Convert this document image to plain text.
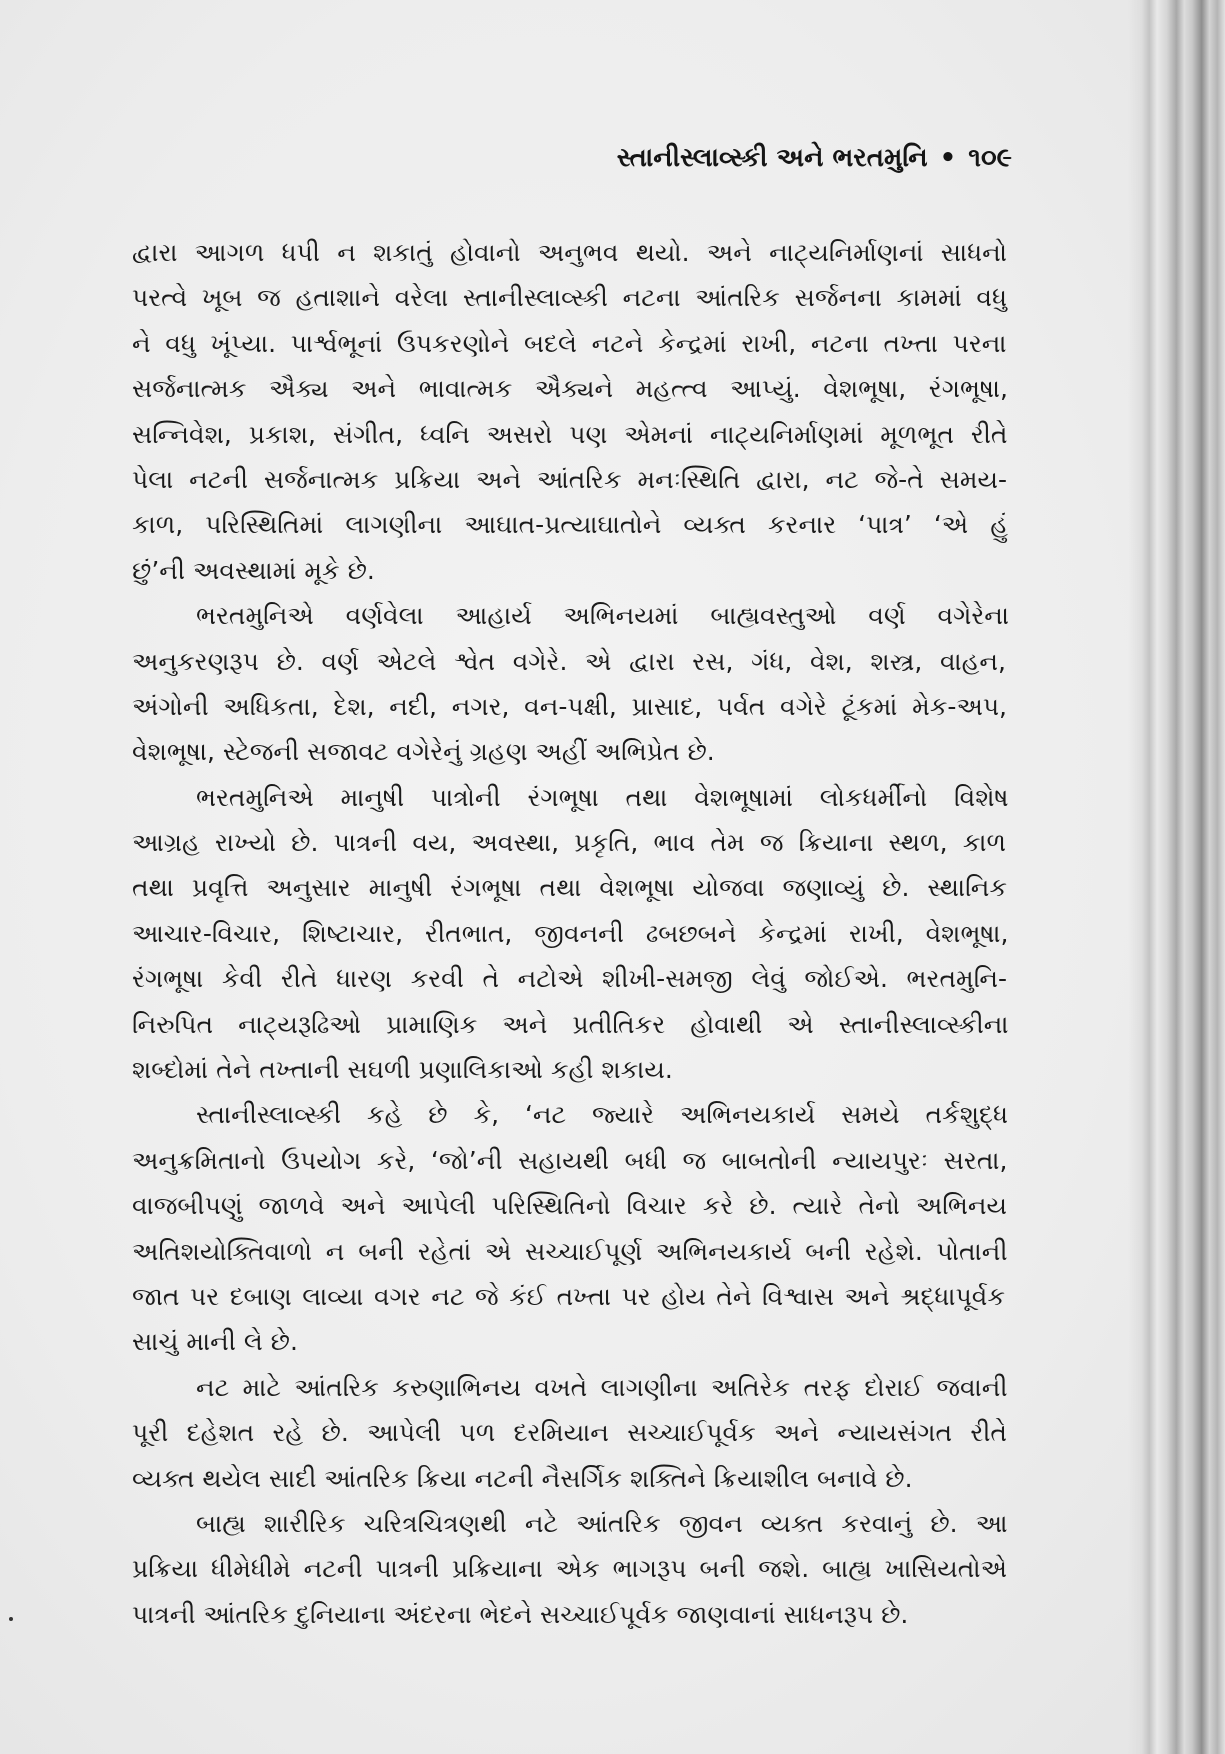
સ્તાનીસ્લાવ્સ્કી અને ભરતમુનિ • ૧૦૯
દ્વારા આગળ ધપી ન શકાતું હોવાનો અનુભવ થયો. અને નાટ્યનિર્માણનાં સાધનો
પરત્વે ખૂબ જ હતાશાને વરેલા સ્તાનીસ્લાવ્સ્કી નટના આંતરિક સર્જનના કામમાં વધુ
ને વધુ ખૂંપ્યા. પાર્શ્વભૂનાં ઉપકરણોને બદલે નટને કેન્દ્રમાં રાખી, નટના તખ્તા પરના
સર્જનાત્મક ઐક્ય અને ભાવાત્મક ઐક્યને મહત્ત્વ આપ્યું. વેશભૂષા, રંગભૂષા,
સન્નિવેશ, પ્રકાશ, સંગીત, ધ્વનિ અસરો પણ એમનાં નાટ્યનિર્માણમાં મૂળભૂત રીતે
પેલા નટની સર્જનાત્મક પ્રક્રિયા અને આંતરિક મનઃસ્થિતિ દ્વારા, નટ જે-તે સમય-
કાળ, પરિસ્થિતિમાં લાગણીના આઘાત-પ્રત્યાઘાતોને વ્યક્ત કરનાર ‘પાત્ર’ ‘એ હું
છું’ની અવસ્થામાં મૂકે છે.
ભરતમુનિએ વર્ણવેલા આહાર્ય અભિનયમાં બાહ્યવસ્તુઓ વર્ણ વગેરેના
અનુકરણરૂપ છે. વર્ણ એટલે શ્વેત વગેરે. એ દ્વારા રસ, ગંધ, વેશ, શસ્ત્ર, વાહન,
અંગોની અધિકતા, દેશ, નદી, નગર, વન-પક્ષી, પ્રાસાદ, પર્વત વગેરે ટૂંકમાં મેક-અપ,
વેશભૂષા, સ્ટેજની સજાવટ વગેરેનું ગ્રહણ અહીં અભિપ્રેત છે.
ભરતમુનિએ માનુષી પાત્રોની રંગભૂષા તથા વેશભૂષામાં લોકધર્મીનો વિશેષ
આગ્રહ રાખ્યો છે. પાત્રની વય, અવસ્થા, પ્રકૃતિ, ભાવ તેમ જ ક્રિયાના સ્થળ, કાળ
તથા પ્રવૃત્તિ અનુસાર માનુષી રંગભૂષા તથા વેશભૂષા યોજવા જણાવ્યું છે. સ્થાનિક
આચાર-વિચાર, શિષ્ટાચાર, રીતભાત, જીવનની ઢબછબને કેન્દ્રમાં રાખી, વેશભૂષા,
રંગભૂષા કેવી રીતે ધારણ કરવી તે નટોએ શીખી-સમજી લેવું જોઈએ. ભરતમુનિ-
નિરુપિત નાટ્યરૂઢિઓ પ્રામાણિક અને પ્રતીતિકર હોવાથી એ સ્તાનીસ્લાવ્સ્કીના
શબ્દોમાં તેને તખ્તાની સઘળી પ્રણાલિકાઓ કહી શકાય.
સ્તાનીસ્લાવ્સ્કી કહે છે કે, ‘નટ જ્યારે અભિનયકાર્ય સમયે તર્કશુદ્ધ
અનુક્રમિતાનો ઉપયોગ કરે, ‘જો’ની સહાયથી બધી જ બાબતોની ન્યાયપુરઃ સરતા,
વાજબીપણું જાળવે અને આપેલી પરિસ્થિતિનો વિચાર કરે છે. ત્યારે તેનો અભિનય
અતિશયોક્તિવાળો ન બની રહેતાં એ સચ્ચાઈપૂર્ણ અભિનયકાર્ય બની રહેશે. પોતાની
જાત પર દબાણ લાવ્યા વગર નટ જે કંઈ તખ્તા પર હોય તેને વિશ્વાસ અને શ્રદ્ધાપૂર્વક
સાચું માની લે છે.
નટ માટે આંતરિક કરુણાભિનય વખતે લાગણીના અતિરેક તરફ દોરાઈ જવાની
પૂરી દહેશત રહે છે. આપેલી પળ દરમિયાન સચ્ચાઈપૂર્વક અને ન્યાયસંગત રીતે
વ્યક્ત થયેલ સાદી આંતરિક ક્રિયા નટની નૈસર્ગિક શક્તિને ક્રિયાશીલ બનાવે છે.
બાહ્ય શારીરિક ચરિત્રચિત્રણથી નટે આંતરિક જીવન વ્યક્ત કરવાનું છે. આ
પ્રક્રિયા ધીમેધીમે નટની પાત્રની પ્રક્રિયાના એક ભાગરૂપ બની જશે. બાહ્ય ખાસિયતોએ
પાત્રની આંતરિક દુનિયાના અંદરના ભેદને સચ્ચાઈપૂર્વક જાણવાનાં સાધનરૂપ છે.
